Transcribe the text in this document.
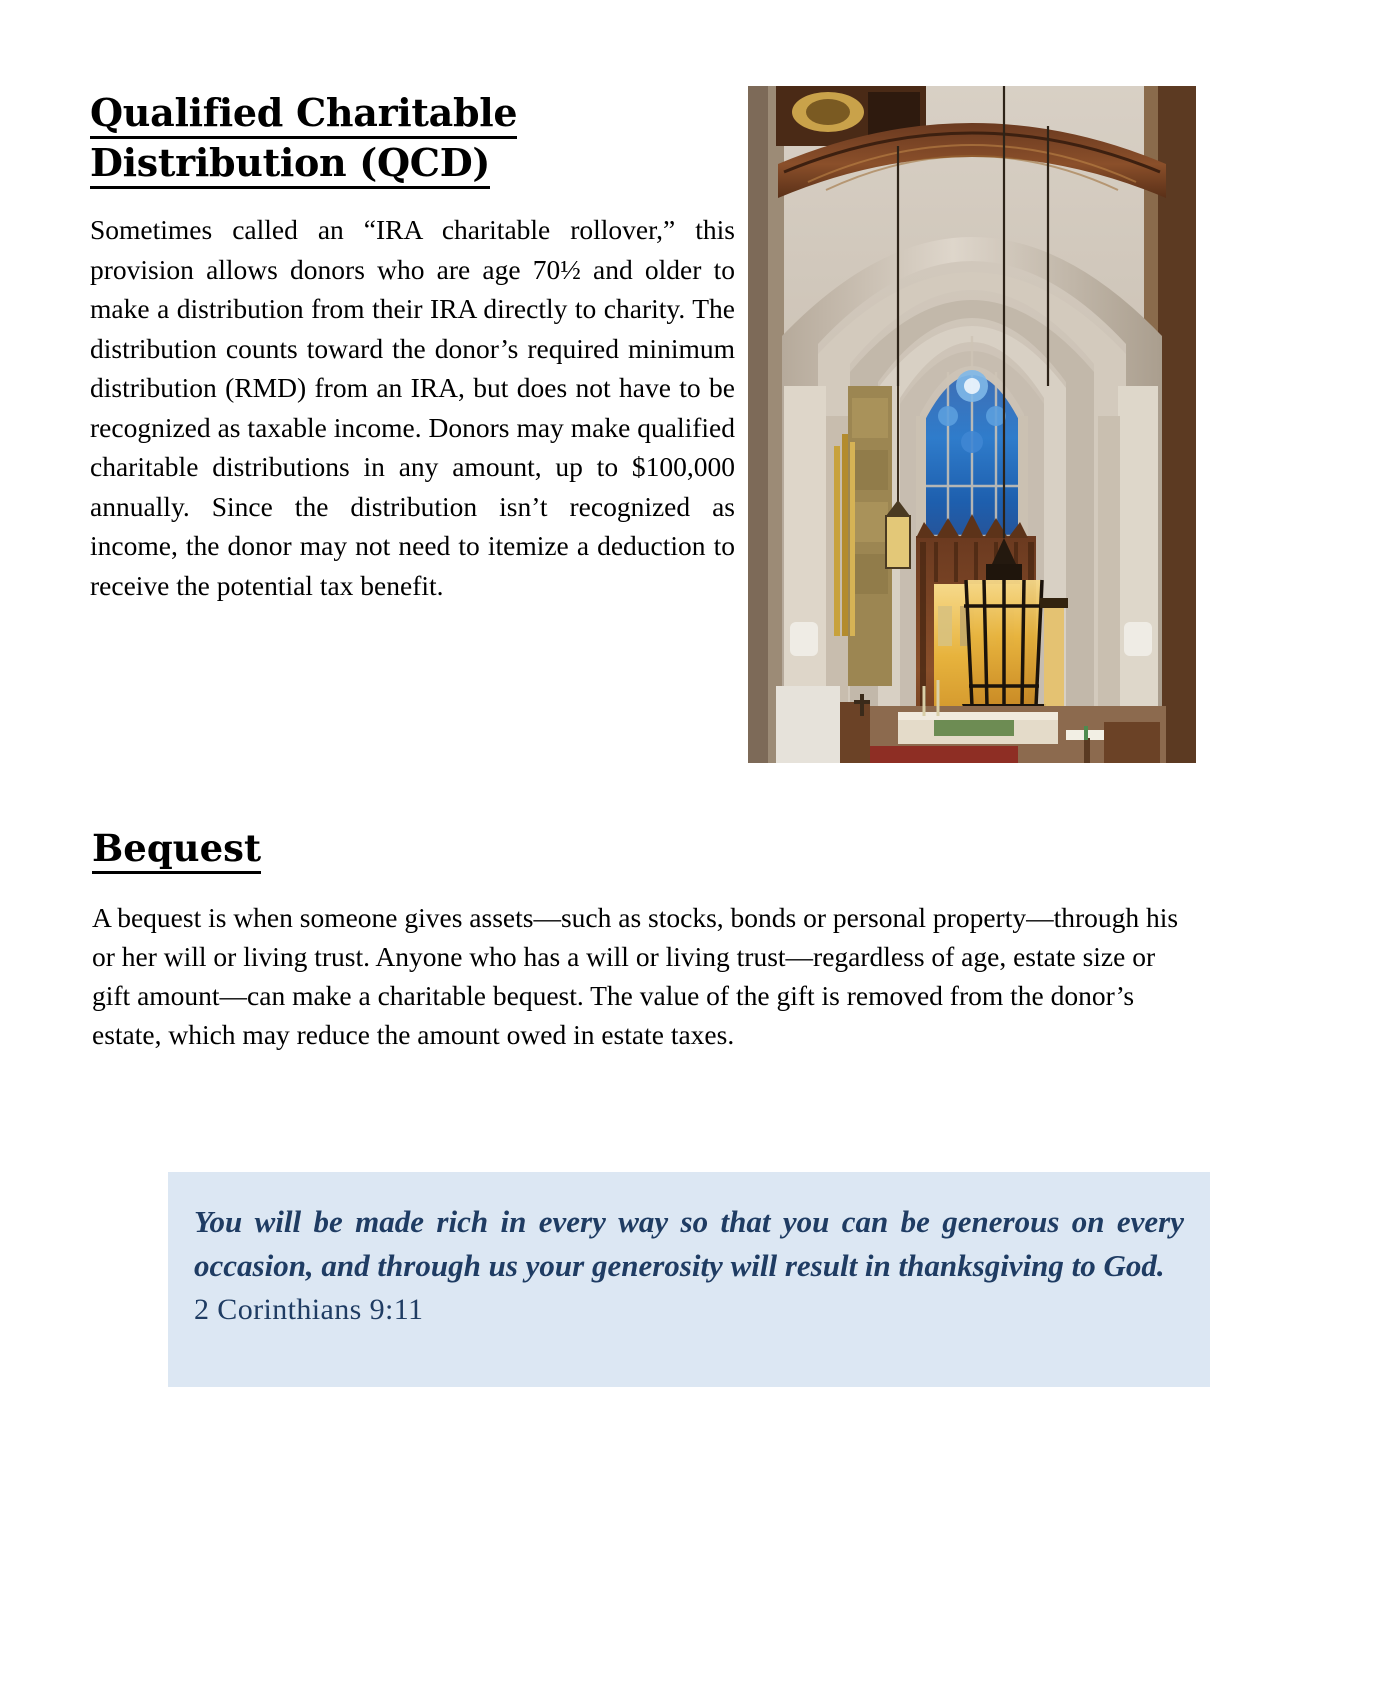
Qualified Charitable Distribution (QCD)

Sometimes called an “IRA charitable rollover,” this provision allows donors who are age 70½ and older to make a distribution from their IRA directly to charity. The distribution counts toward the donor’s required minimum distribution (RMD) from an IRA, but does not have to be recognized as taxable income. Donors may make qualified charitable distributions in any amount, up to $100,000 annually. Since the distribution isn’t recognized as income, the donor may not need to itemize a deduction to receive the potential tax benefit.

Bequest

A bequest is when someone gives assets—such as stocks, bonds or personal property—through his or her will or living trust. Anyone who has a will or living trust—regardless of age, estate size or gift amount—can make a charitable bequest. The value of the gift is removed from the donor’s estate, which may reduce the amount owed in estate taxes.

You will be made rich in every way so that you can be generous on every occasion, and through us your generosity will result in thanksgiving to God.

2 Corinthians 9:11
